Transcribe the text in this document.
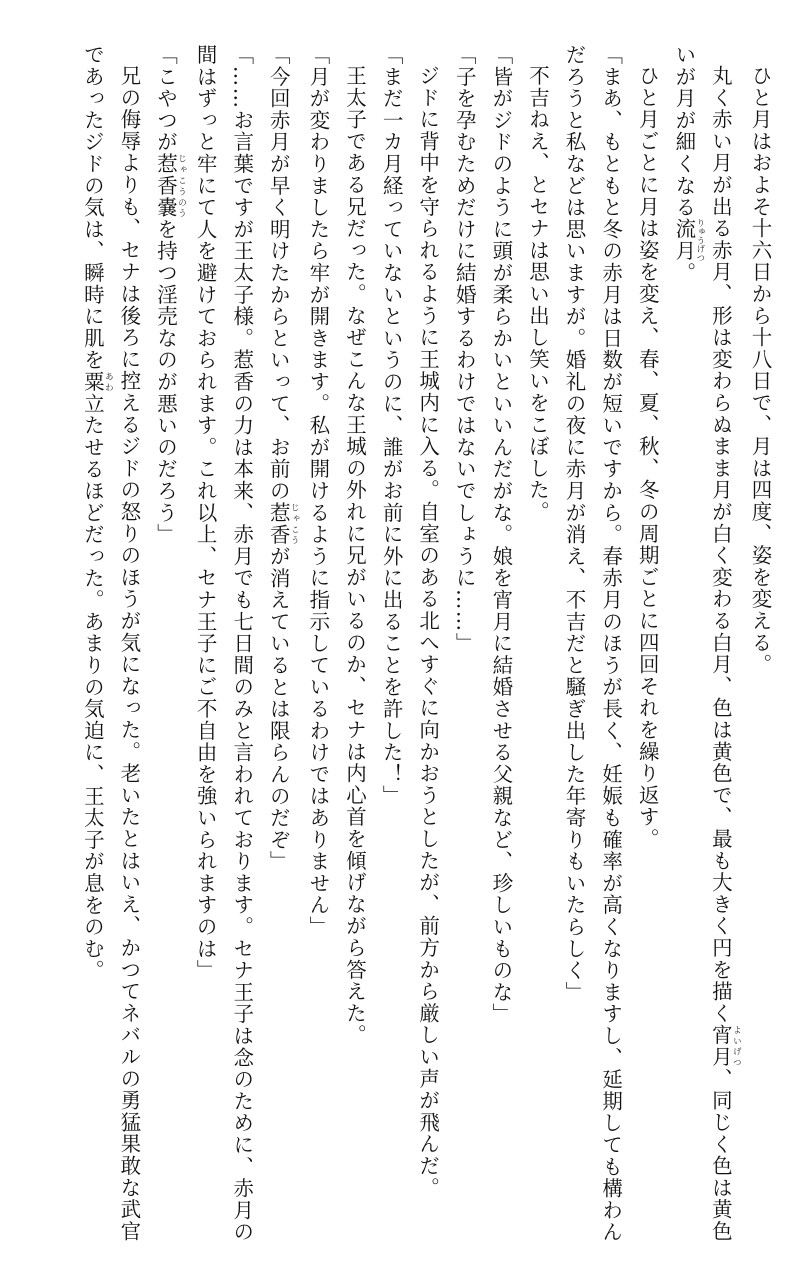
ひと月はおよそ十六日から十八日で、月は四度、姿を変える。

丸く赤い月が出る赤月、形は変わらぬまま月が白く変わる白月、色は黄色で、最も大きく円を描く宵月 よいげつ、同じく色は黄色いが月が細くなる流月 りゅうげつ。

ひと月ごとに月は姿を変え、春、夏、秋、冬の周期ごとに四回それを繰り返す。

「まあ、もともと冬の赤月は日数が短いですから。春赤月のほうが長く、妊娠も確率が高くなりますし、延期しても構わんだろうと私などは思いますが。婚礼の夜に赤月が消え、不吉だと騒ぎ出した年寄りもいたらしく」

不吉ねえ、とセナは思い出し笑いをこぼした。

「皆がジドのように頭が柔らかいといいんだがな。娘を宵月に結婚させる父親など、珍しいものな」

「子を孕むためだけに結婚するわけではないでしょうに……」

ジドに背中を守られるように王城内に入る。自室のある北へすぐに向かおうとしたが、前方から厳しい声が飛んだ。

「まだ一カ月経っていないというのに、誰がお前に外に出ることを許した！」

王太子である兄だった。なぜこんな王城の外れに兄がいるのか、セナは内心首を傾げながら答えた。

「月が変わりましたら牢が開きます。私が開けるように指示しているわけではありません」

「今回赤月が早く明けたからといって、お前の惹香 じゃこうが消えているとは限らんのだぞ」

「……お言葉ですが王太子様。惹香の力は本来、赤月でも七日間のみと言われております。セナ王子は念のために、赤月の間はずっと牢にて人を避けておられます。これ以上、セナ王子にご不自由を強いられますのは」

「こやつが惹香嚢 じゃこうのうを持つ淫売なのが悪いのだろう」

兄の侮辱よりも、セナは後ろに控えるジドの怒りのほうが気になった。老いたとはいえ、かつてネバルの勇猛果敢な武官であったジドの気は、瞬時に肌を粟 あわ立たせるほどだった。あまりの気迫に、王太子が息をのむ。
